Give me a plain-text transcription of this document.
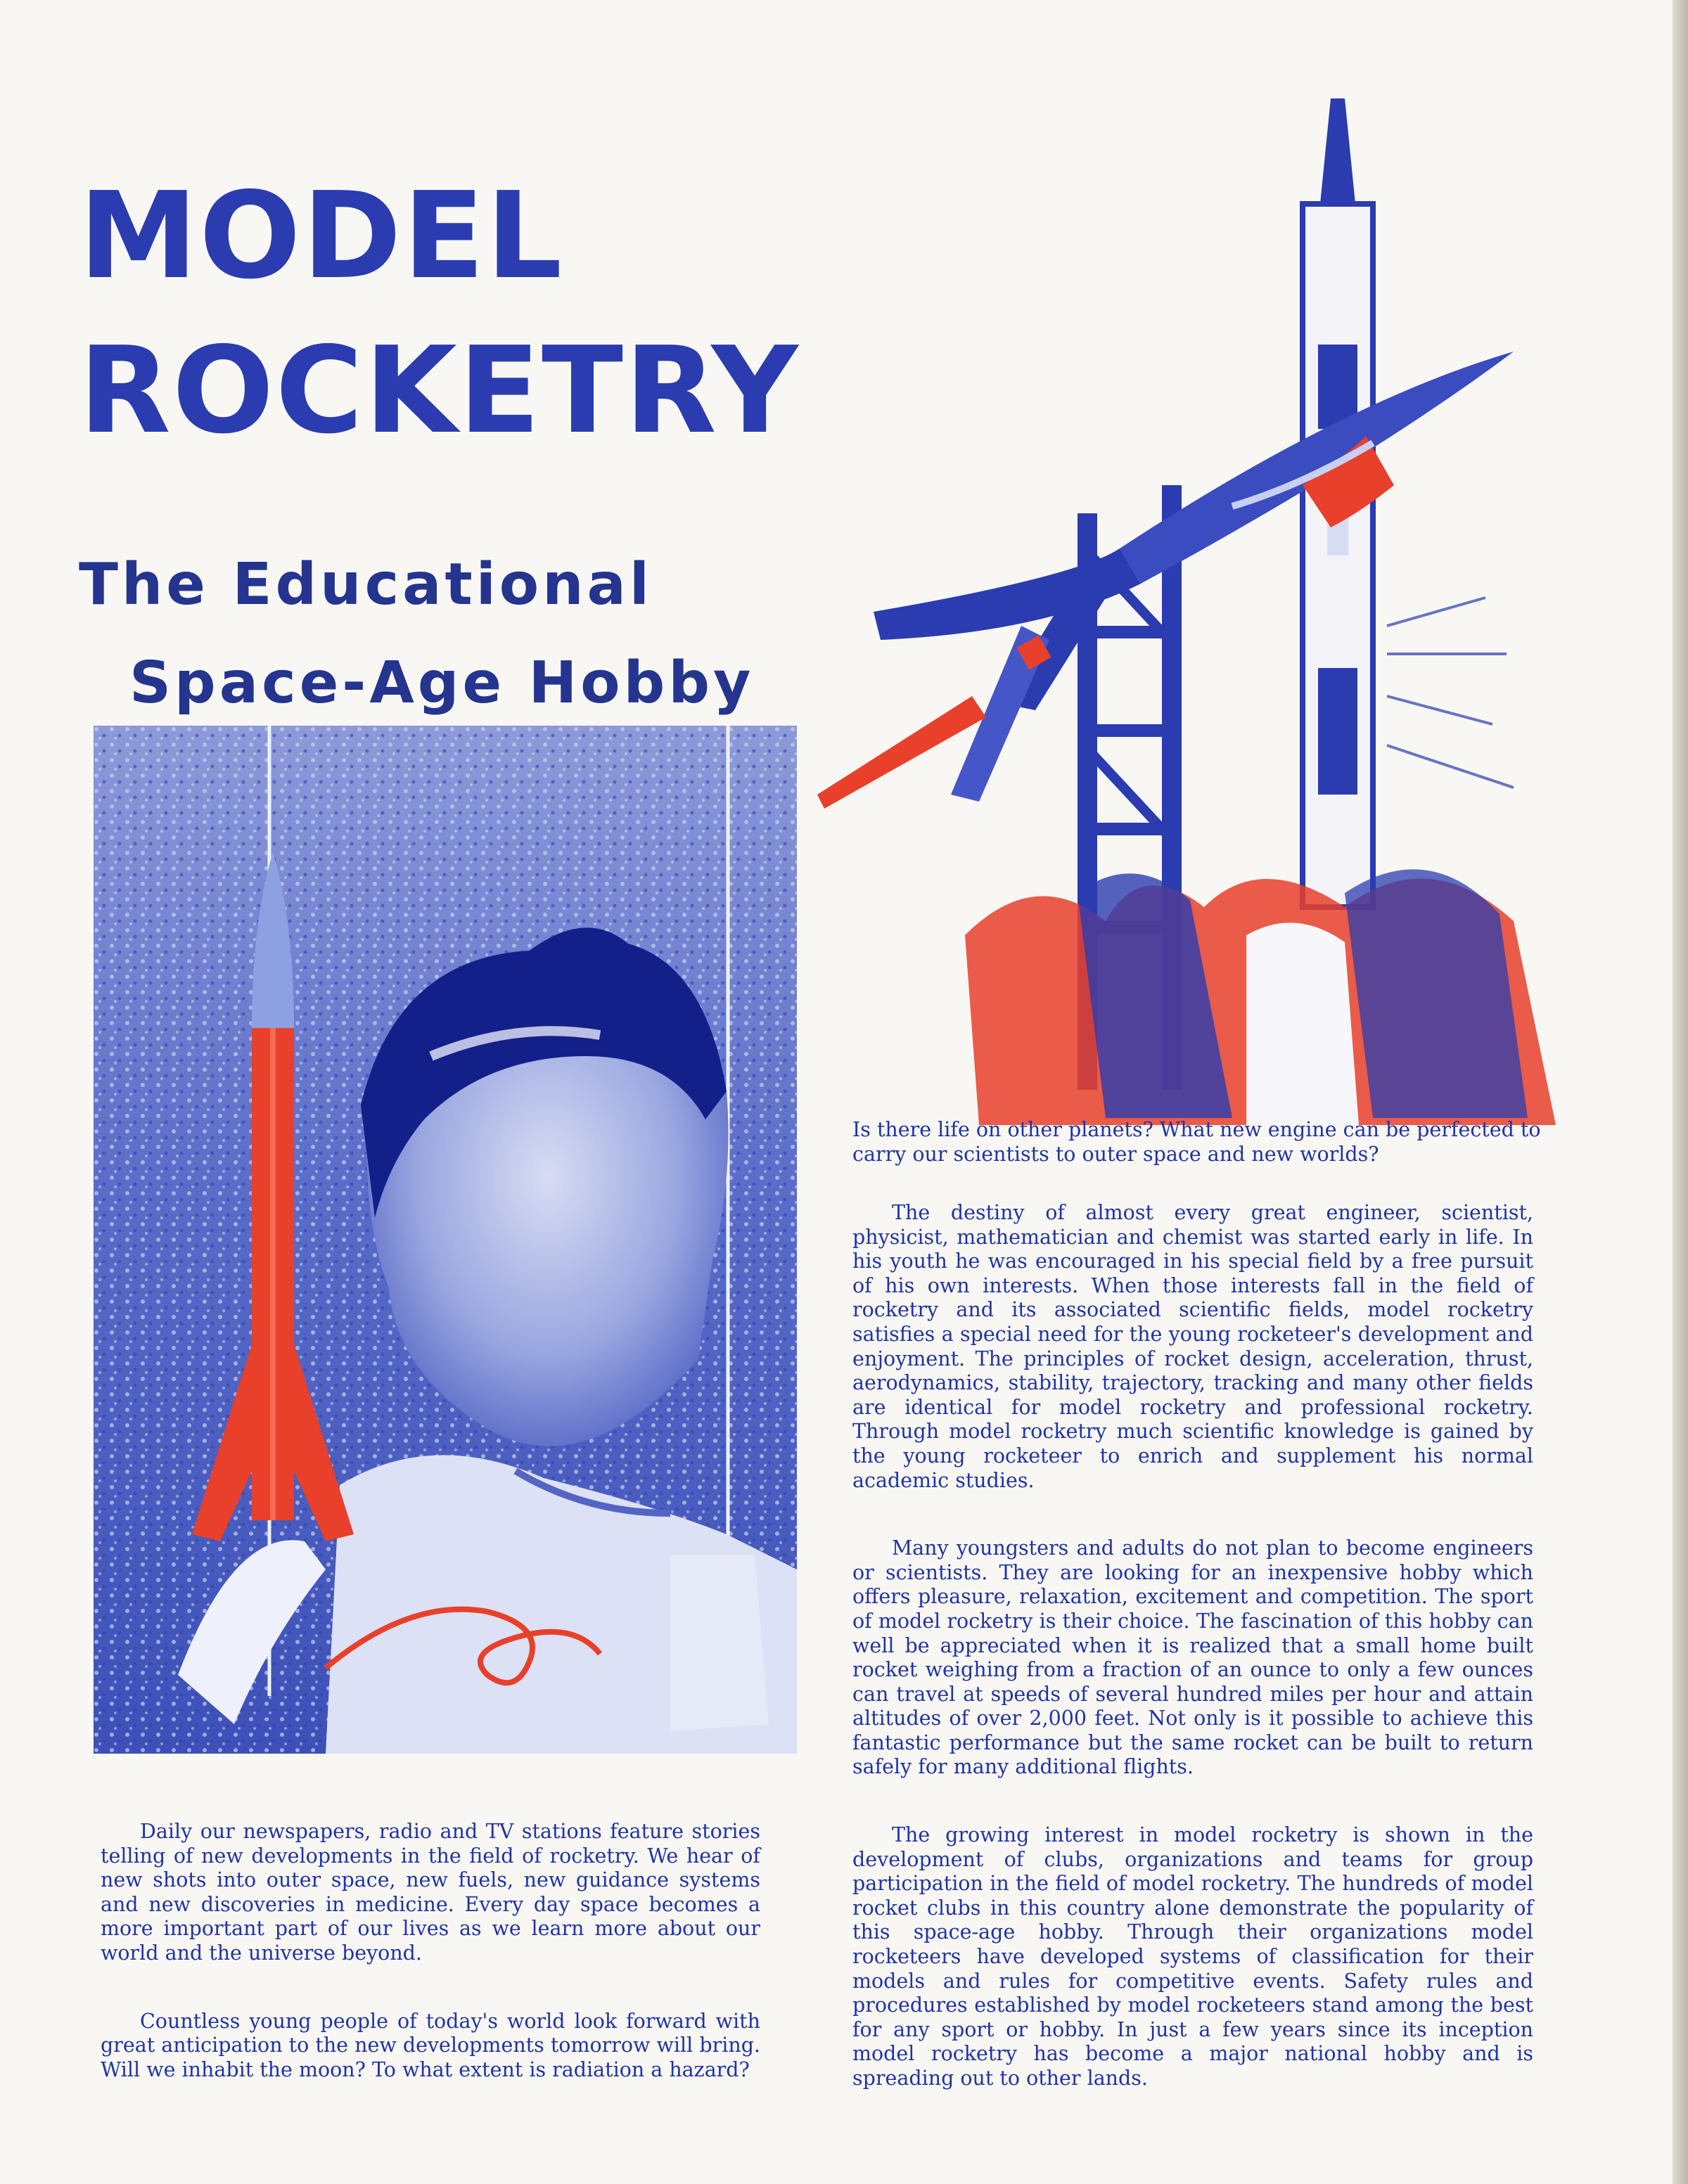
MODEL
ROCKETRY
The Educational
Space-Age Hobby

Is there life on other planets? What new engine can be perfected to carry our scientists to outer space and new worlds?

Daily our newspapers, radio and TV stations feature stories telling of new developments in the field of rocketry. We hear of new shots into outer space, new fuels, new guidance systems and new discoveries in medicine. Every day space becomes a more important part of our lives as we learn more about our world and the universe beyond.

Countless young people of today's world look forward with great anticipation to the new developments tomorrow will bring. Will we inhabit the moon? To what extent is radiation a hazard?

The destiny of almost every great engineer, scientist, physicist, mathematician and chemist was started early in life. In his youth he was encouraged in his special field by a free pursuit of his own interests. When those interests fall in the field of rocketry and its associated scientific fields, model rocketry satisfies a special need for the young rocketeer's development and enjoyment. The principles of rocket design, acceleration, thrust, aerodynamics, stability, trajectory, tracking and many other fields are identical for model rocketry and professional rocketry. Through model rocketry much scientific knowledge is gained by the young rocketeer to enrich and supplement his normal academic studies.

Many youngsters and adults do not plan to become engineers or scientists. They are looking for an inexpensive hobby which offers pleasure, relaxation, excitement and competition. The sport of model rocketry is their choice. The fascination of this hobby can well be appreciated when it is realized that a small home built rocket weighing from a fraction of an ounce to only a few ounces can travel at speeds of several hundred miles per hour and attain altitudes of over 2,000 feet. Not only is it possible to achieve this fantastic performance but the same rocket can be built to return safely for many additional flights.

The growing interest in model rocketry is shown in the development of clubs, organizations and teams for group participation in the field of model rocketry. The hundreds of model rocket clubs in this country alone demonstrate the popularity of this space-age hobby. Through their organizations model rocketeers have developed systems of classification for their models and rules for competitive events. Safety rules and procedures established by model rocketeers stand among the best for any sport or hobby. In just a few years since its inception model rocketry has become a major national hobby and is spreading out to other lands.
